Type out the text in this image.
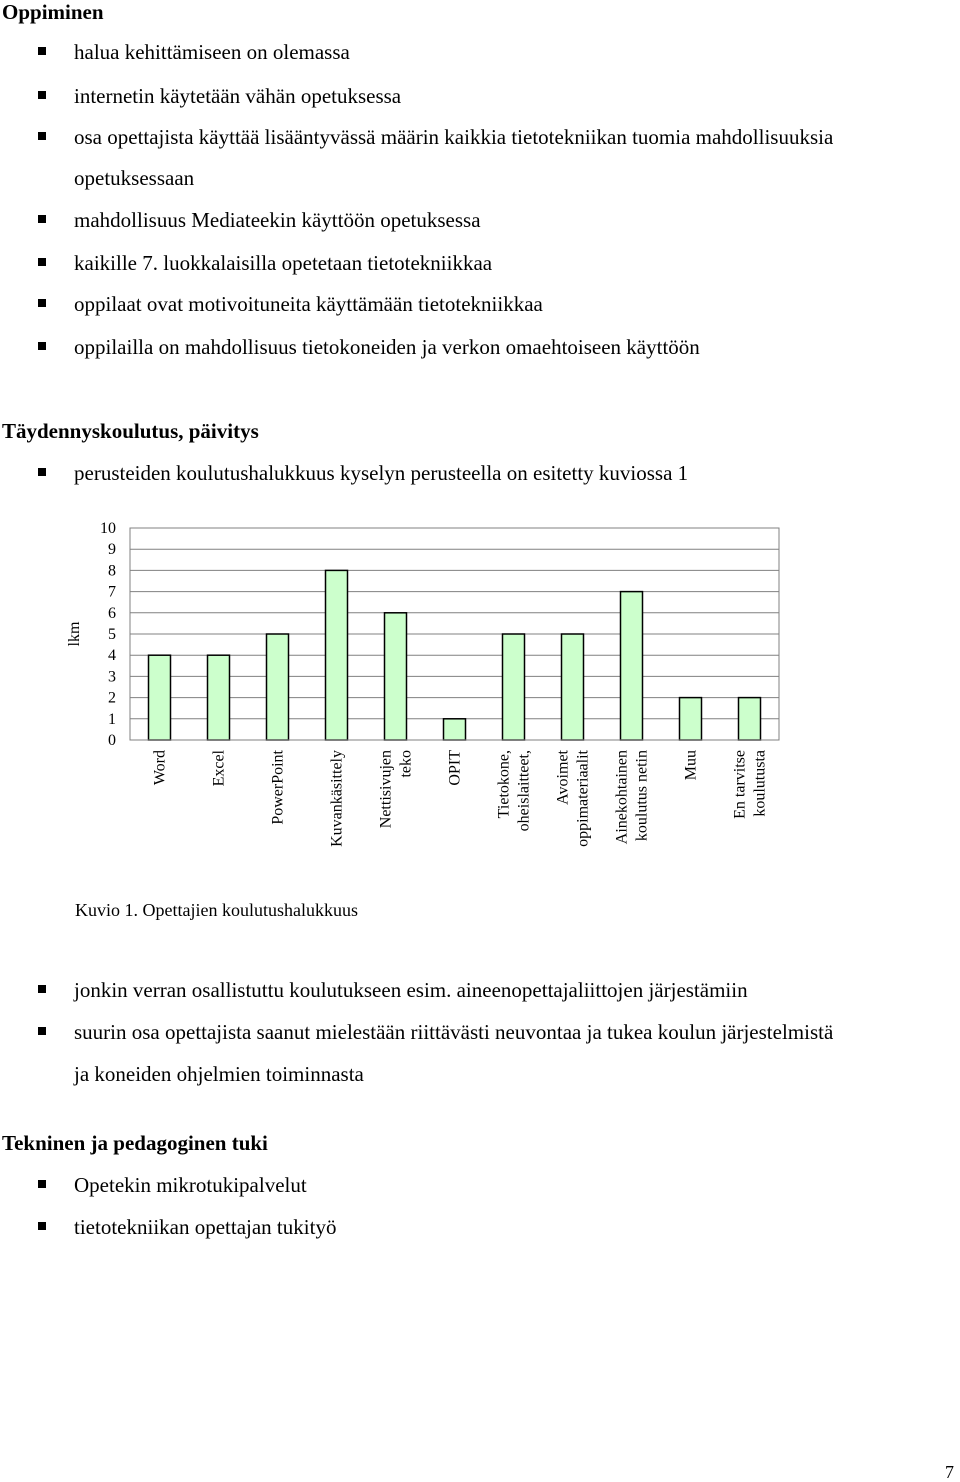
Oppiminen
halua kehittämiseen on olemassa
internetin käytetään vähän opetuksessa
osa opettajista käyttää lisääntyvässä määrin kaikkia tietotekniikan tuomia mahdollisuuksia
opetuksessaan
mahdollisuus Mediateekin käyttöön opetuksessa
kaikille 7. luokkalaisilla opetetaan tietotekniikkaa
oppilaat ovat motivoituneita käyttämään tietotekniikkaa
oppilailla on mahdollisuus tietokoneiden ja verkon omaehtoiseen käyttöön
Täydennyskoulutus, päivitys
perusteiden koulutushalukkuus kyselyn perusteella on esitetty kuviossa 1
0
1
2
3
4
5
6
7
8
9
10
lkm
Word	Excel	PowerPoint	Kuvankäsittely Nettisivujen teko OPIT Tietokone, oheislaitteet, Avoimet oppimateriaalit Ainekohtainen koulutus netin Muu En tarvitse koulutusta
Kuvio 1. Opettajien koulutushalukkuus
jonkin verran osallistuttu koulutukseen esim. aineenopettajaliittojen järjestämiin
suurin osa opettajista saanut mielestään riittävästi neuvontaa ja tukea koulun järjestelmistä
ja koneiden ohjelmien toiminnasta
Tekninen ja pedagoginen tuki
Opetekin mikrotukipalvelut
tietotekniikan opettajan tukityö
7
